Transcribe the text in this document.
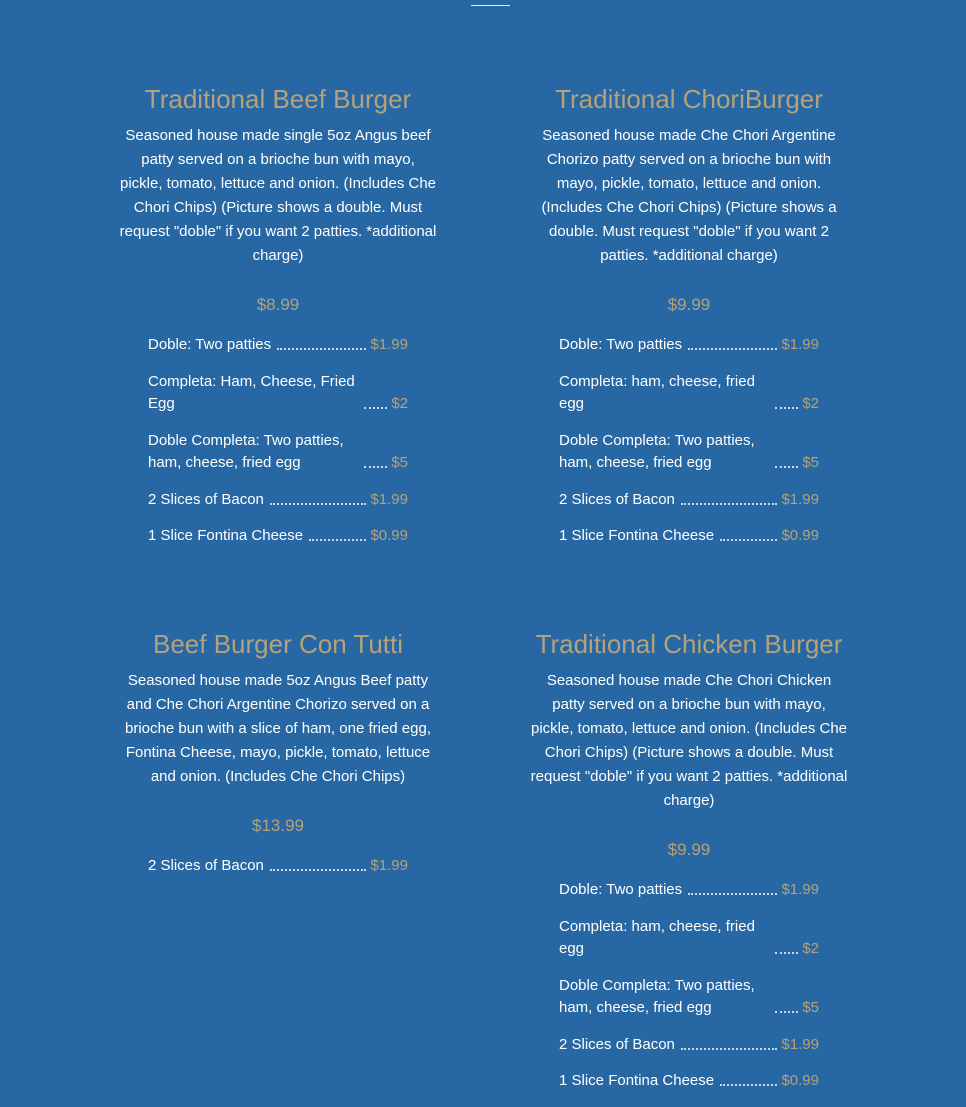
Traditional Beef Burger

Seasoned house made single 5oz Angus beef patty served on a brioche bun with mayo, pickle, tomato, lettuce and onion. (Includes Che Chori Chips) (Picture shows a double. Must request "doble" if you want 2 patties. *additional charge)

$8.99
Doble: Two patties	$1.99
Completa: Ham, Cheese, Fried Egg	$2
Doble Completa: Two patties, ham, cheese, fried egg	$5
2 Slices of Bacon	$1.99
1 Slice Fontina Cheese	$0.99
Traditional ChoriBurger

Seasoned house made Che Chori Argentine Chorizo patty served on a brioche bun with mayo, pickle, tomato, lettuce and onion. (Includes Che Chori Chips) (Picture shows a double. Must request "doble" if you want 2 patties. *additional charge)

$9.99
Doble: Two patties	$1.99
Completa: ham, cheese, fried egg	$2
Doble Completa: Two patties, ham, cheese, fried egg	$5
2 Slices of Bacon	$1.99
1 Slice Fontina Cheese	$0.99
Beef Burger Con Tutti

Seasoned house made 5oz Angus Beef patty and Che Chori Argentine Chorizo served on a brioche bun with a slice of ham, one fried egg, Fontina Cheese, mayo, pickle, tomato, lettuce and onion. (Includes Che Chori Chips)

$13.99
2 Slices of Bacon	$1.99
Traditional Chicken Burger

Seasoned house made Che Chori Chicken patty served on a brioche bun with mayo, pickle, tomato, lettuce and onion. (Includes Che Chori Chips) (Picture shows a double. Must request "doble" if you want 2 patties. *additional charge)

$9.99
Doble: Two patties	$1.99
Completa: ham, cheese, fried egg	$2
Doble Completa: Two patties, ham, cheese, fried egg	$5
2 Slices of Bacon	$1.99
1 Slice Fontina Cheese	$0.99
